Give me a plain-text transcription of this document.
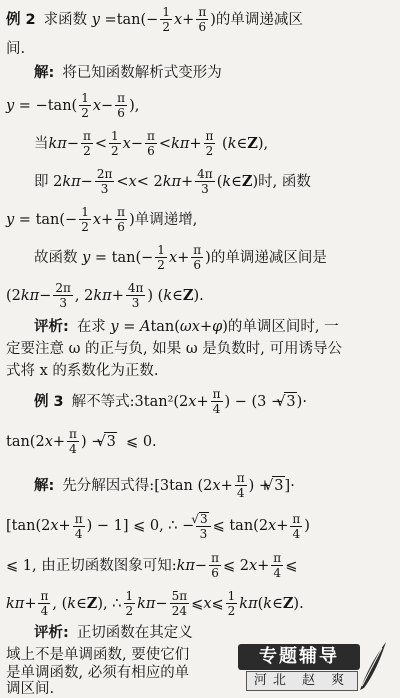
例 2 求函数 $y = \tan(- \frac{1}{2}$ $x + \frac{\pi}{6}$ ) 的单调递减区
间.
解: 将已知函数解析式变形为
$y = -\tan( \frac{1}{2}$ $x - \frac{\pi}{6}$ ),
当 $k\pi - \frac{\pi}{2} < \frac{1}{2}$ $x - \frac{\pi}{6} < k\pi + \frac{\pi}{2}$ ( k ∈ Z ),
即 2 $k\pi - \frac{2\pi}{3} < x < 2$ $k\pi + \frac{4\pi}{3}$ ( k ∈ Z ) 时, 函数
$y = \tan(- \frac{1}{2}$ $x + \frac{\pi}{6}$ ) 单调递增,
故函数
$y = \tan(- \frac{1}{2}$ $x + \frac{\pi}{6}$ ) 的单调递减区间是
(2 $k\pi - \frac{2\pi}{3}$ , 2 $k\pi + \frac{4\pi}{3}$ ) ( k ∈ Z ).
评析: 在求 y = A tan( ωx + φ ) 的单调区间时, 一
定要注意 ω 的正与负, 如果 ω 是负数时, 可用诱导公
式将 x 的系数化为正数.
例 3 解不等式: 3tan²(2 $x + \frac{\pi}{4}$ ) − (3 − √ 3 )·
tan(2 $x + \frac{\pi}{4}$ ) − √ 3 ⩽ 0.
解: 先分解因式得: [3tan (2 $x + \frac{\pi}{4}$ ) + √ 3 ]·
[tan(2 $x + \frac{\pi}{4}$ ) − 1] ⩽ 0, ∴ − √ $\frac{3}{3}$ ⩽ tan(2 $x + \frac{\pi}{4}$ )
⩽ 1, 由正切函数图象可知: $k\pi - \frac{\pi}{6}$ ⩽ 2 $x + \frac{\pi}{4}$ ⩽
$k\pi + \frac{\pi}{4}$ , ( k ∈ Z ), ∴ $\frac{1}{2}$ $k\pi - \frac{5\pi}{24}$ ⩽ x ⩽ $\frac{1}{2}$ kπ ( k ∈ Z ).
评析: 正切函数在其定义
域上不是单调函数, 要使它们
是单调函数, 必须有相应的单
调区间.
专题辅导
河北 赵 爽
